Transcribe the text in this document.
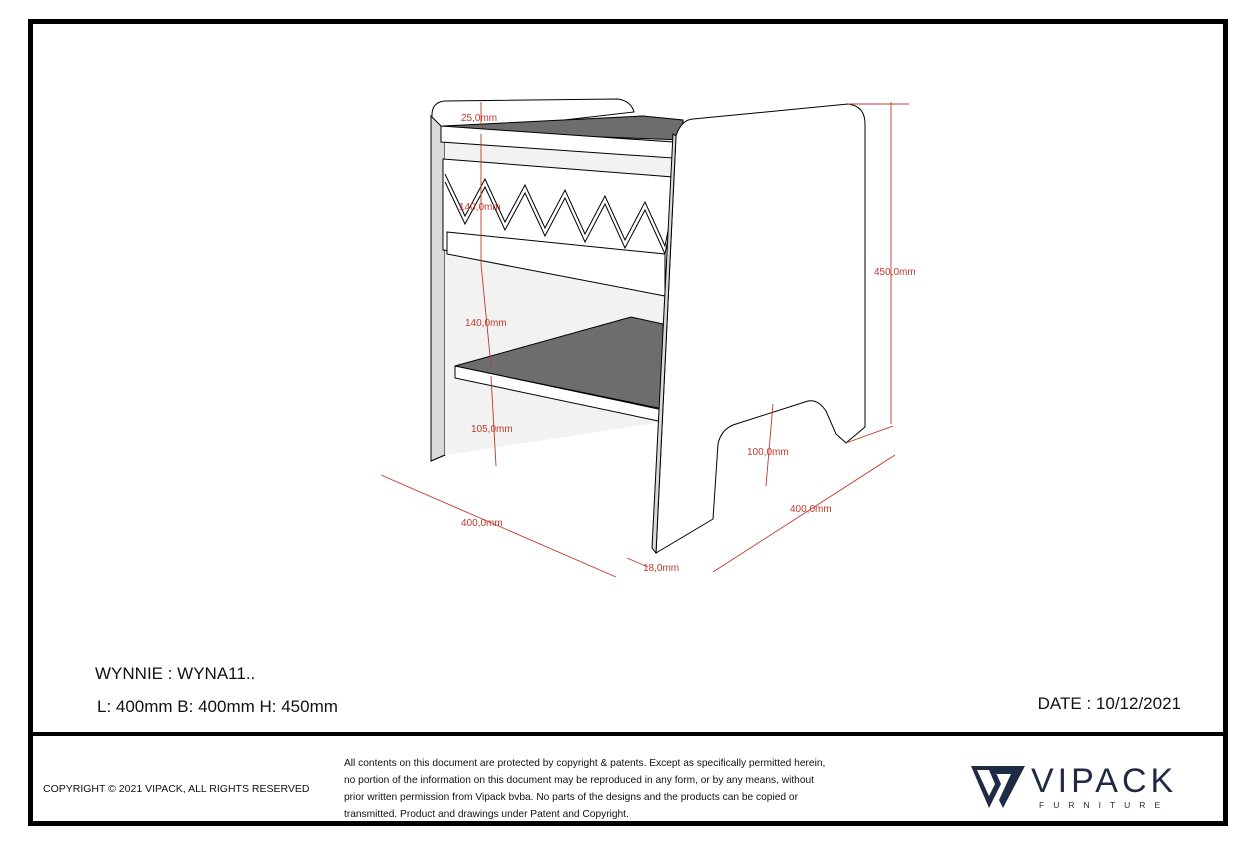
25,0mm
140,0mm
140,0mm
105,0mm
450,0mm
100,0mm
400,0mm
400,0mm
18,0mm
WYNNIE : WYNA11..
L: 400mm B: 400mm H: 450mm	DATE : 10/12/2021
COPYRIGHT © 2021 VIPACK, ALL RIGHTS RESERVED
All contents on this document are protected by copyright & patents. Except as specifically permitted herein,
no portion of the information on this document may be reproduced in any form, or by any means, without
prior written permission from Vipack bvba. No parts of the designs and the products can be copied or
transmitted. Product and drawings under Patent and Copyright.
VIPACK
FURNITURE
